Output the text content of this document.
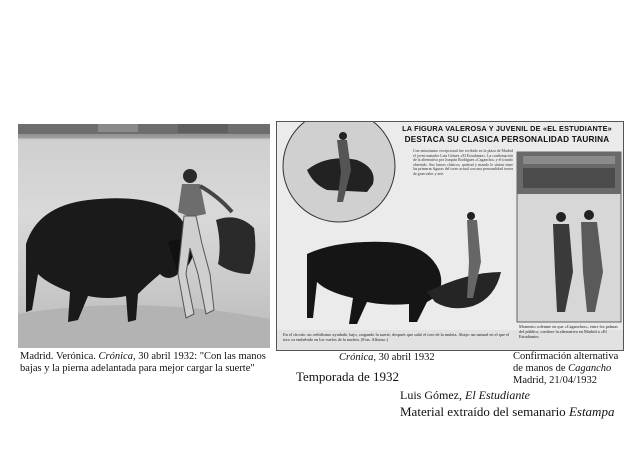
LA FIGURA VALEROSA Y JUVENIL DE «EL ESTUDIANTE»
DESTACA SU CLASICA PERSONALIDAD TAURINA
Con entusiasmo excepcional fue recibido en la plaza de Madrid el joven matador Luis Gómez «El Estudiante». La confirmación de la alternativa por Joaquín Rodríguez «Cagancho» y el triunfo obtenido. Sus lances clásicos, quietud y mando le sitúan entre las primeras figuras del toreo actual con una personalidad torera de gran valor y arte.
En el círculo: un ceñidísimo ayudado, bajo, cargando la suerte, después que salió el toro de la muleta. Abajo: un natural en el que el toro va embebido en los vuelos de la muleta. (Fots. Alfonso.)
Momento solemne en que «Caganchos», entre los palmas del público, confiere la alternativa en Madrid a «El Estudiante»
Madrid. Verónica. Crónica, 30 abril 1932: "Con las manos
bajas y la pierna adelantada para mejor cargar la suerte"
Crónica, 30 abril 1932	Confirmación alternativa
de manos de Cagancho
Madrid, 21/04/1932
Temporada de 1932
Luis Gómez, El Estudiante
Material extraído del semanario Estampa
